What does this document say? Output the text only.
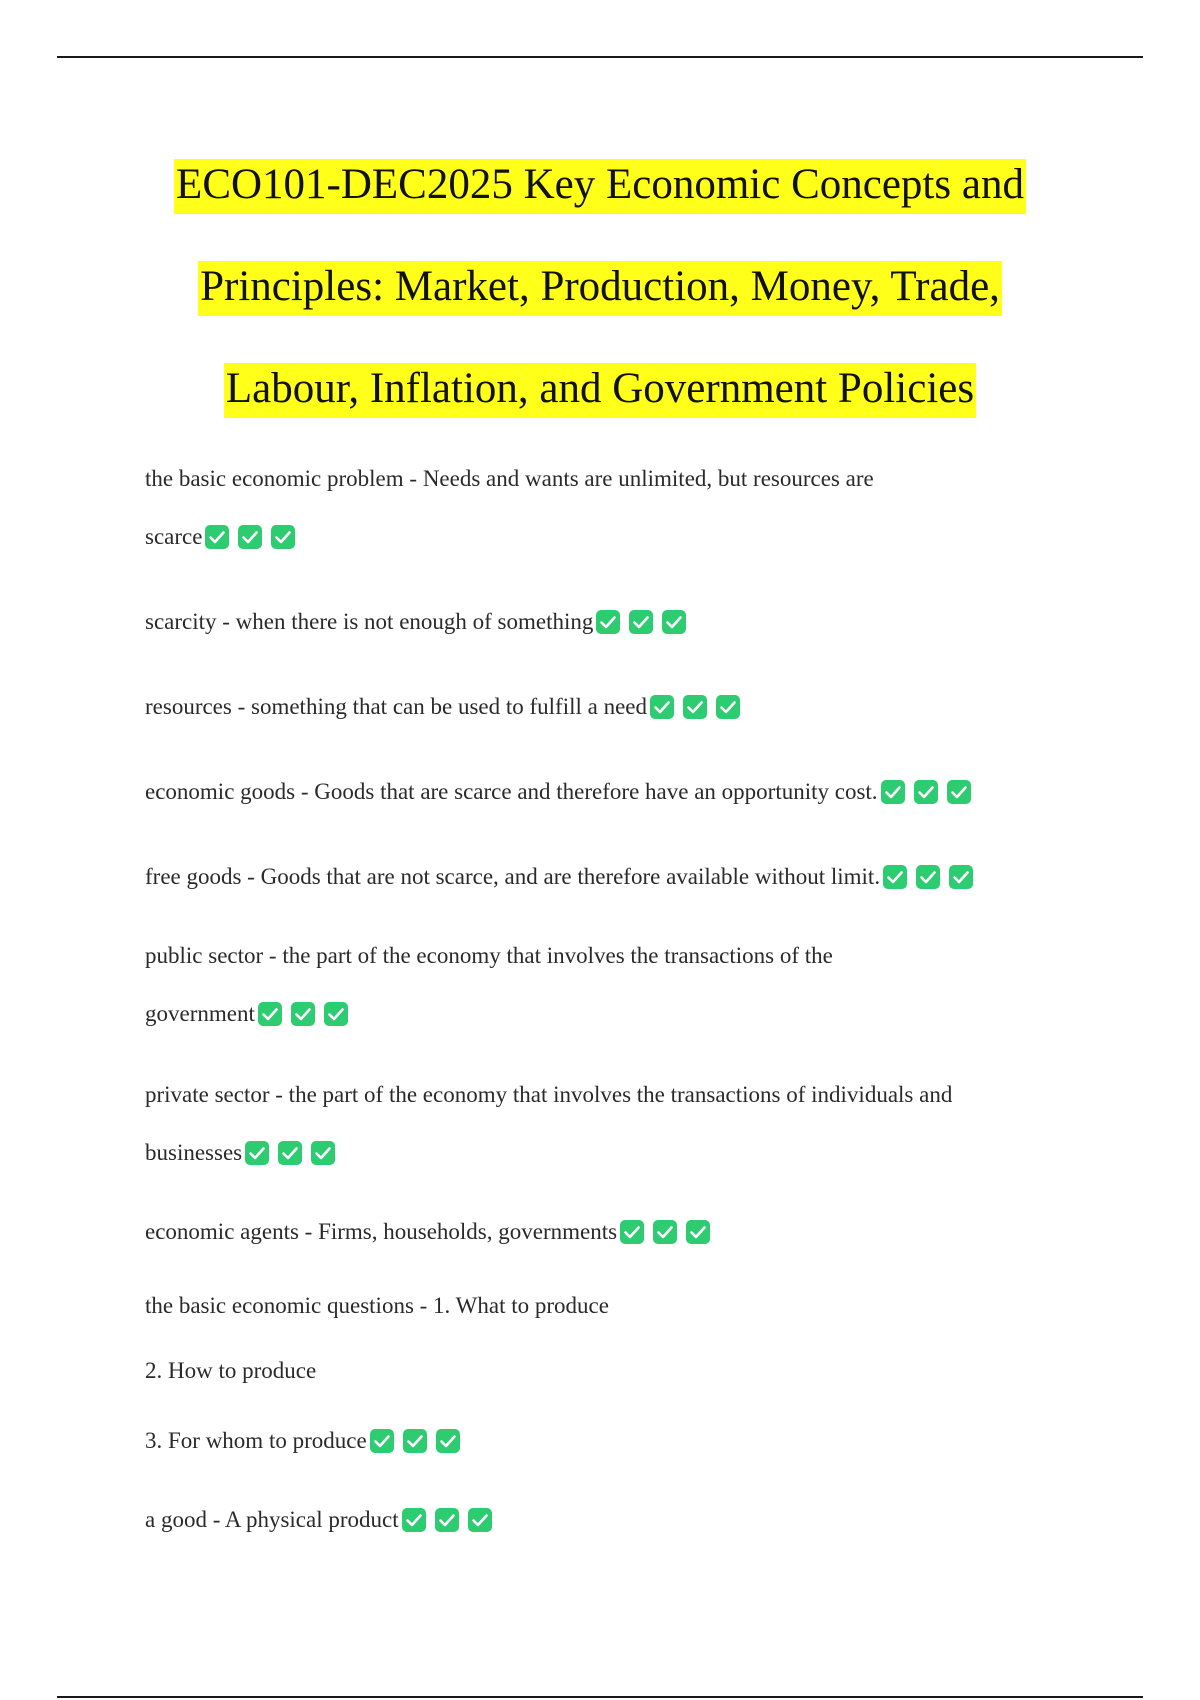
ECO101-DEC2025 Key Economic Concepts and
Principles: Market, Production, Money, Trade,
Labour, Inflation, and Government Policies
the basic economic problem - Needs and wants are unlimited, but resources are
scarce
scarcity - when there is not enough of something
resources - something that can be used to fulfill a need
economic goods - Goods that are scarce and therefore have an opportunity cost.
free goods - Goods that are not scarce, and are therefore available without limit.
public sector - the part of the economy that involves the transactions of the
government
private sector - the part of the economy that involves the transactions of individuals and
businesses
economic agents - Firms, households, governments
the basic economic questions - 1. What to produce
2. How to produce
3. For whom to produce
a good - A physical product
